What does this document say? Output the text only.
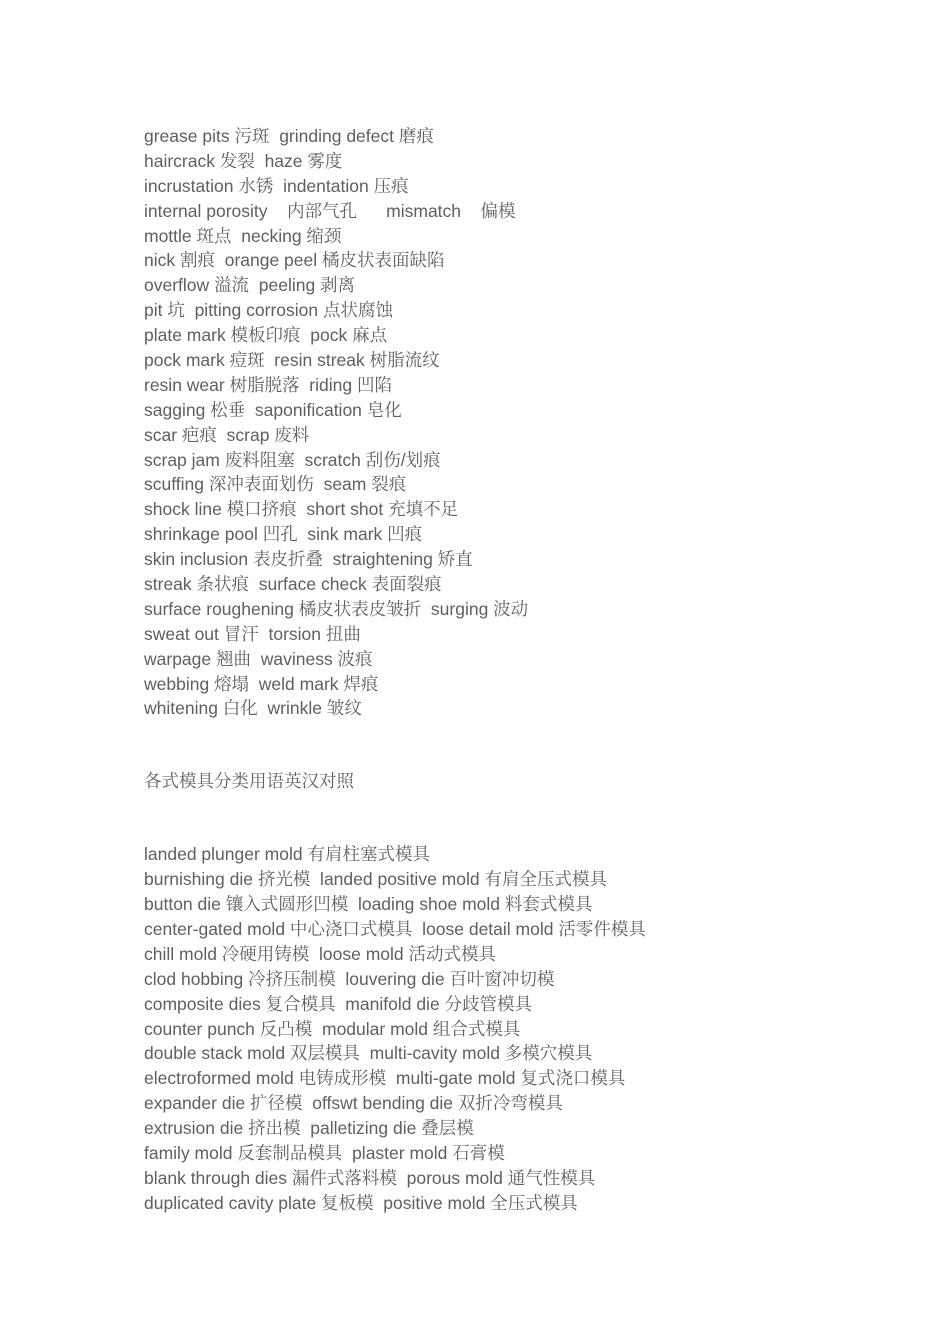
grease pits 污斑  grinding defect 磨痕
haircrack 发裂  haze 雾度
incrustation 水锈  indentation 压痕
internal porosity    内部气孔      mismatch    偏模
mottle 斑点  necking 缩颈
nick 割痕  orange peel 橘皮状表面缺陷
overflow 溢流  peeling 剥离
pit 坑  pitting corrosion 点状腐蚀
plate mark 模板印痕  pock 麻点
pock mark 痘斑  resin streak 树脂流纹
resin wear 树脂脱落  riding 凹陷
sagging 松垂  saponification 皂化
scar 疤痕  scrap 废料
scrap jam 废料阻塞  scratch 刮伤/划痕
scuffing 深冲表面划伤  seam 裂痕
shock line 模口挤痕  short shot 充填不足
shrinkage pool 凹孔  sink mark 凹痕
skin inclusion 表皮折叠  straightening 矫直
streak 条状痕  surface check 表面裂痕
surface roughening 橘皮状表皮皱折  surging 波动
sweat out 冒汗  torsion 扭曲
warpage 翘曲  waviness 波痕
webbing 熔塌  weld mark 焊痕
whitening 白化  wrinkle 皱纹
各式模具分类用语英汉对照
landed plunger mold 有肩柱塞式模具
burnishing die 挤光模  landed positive mold 有肩全压式模具
button die 镶入式圆形凹模  loading shoe mold 料套式模具
center-gated mold 中心浇口式模具  loose detail mold 活零件模具
chill mold 冷硬用铸模  loose mold 活动式模具
clod hobbing 冷挤压制模  louvering die 百叶窗冲切模
composite dies 复合模具  manifold die 分歧管模具
counter punch 反凸模  modular mold 组合式模具
double stack mold 双层模具  multi-cavity mold 多模穴模具
electroformed mold 电铸成形模  multi-gate mold 复式浇口模具
expander die 扩径模  offswt bending die 双折冷弯模具
extrusion die 挤出模  palletizing die 叠层模
family mold 反套制品模具  plaster mold 石膏模
blank through dies 漏件式落料模  porous mold 通气性模具
duplicated cavity plate 复板模  positive mold 全压式模具
